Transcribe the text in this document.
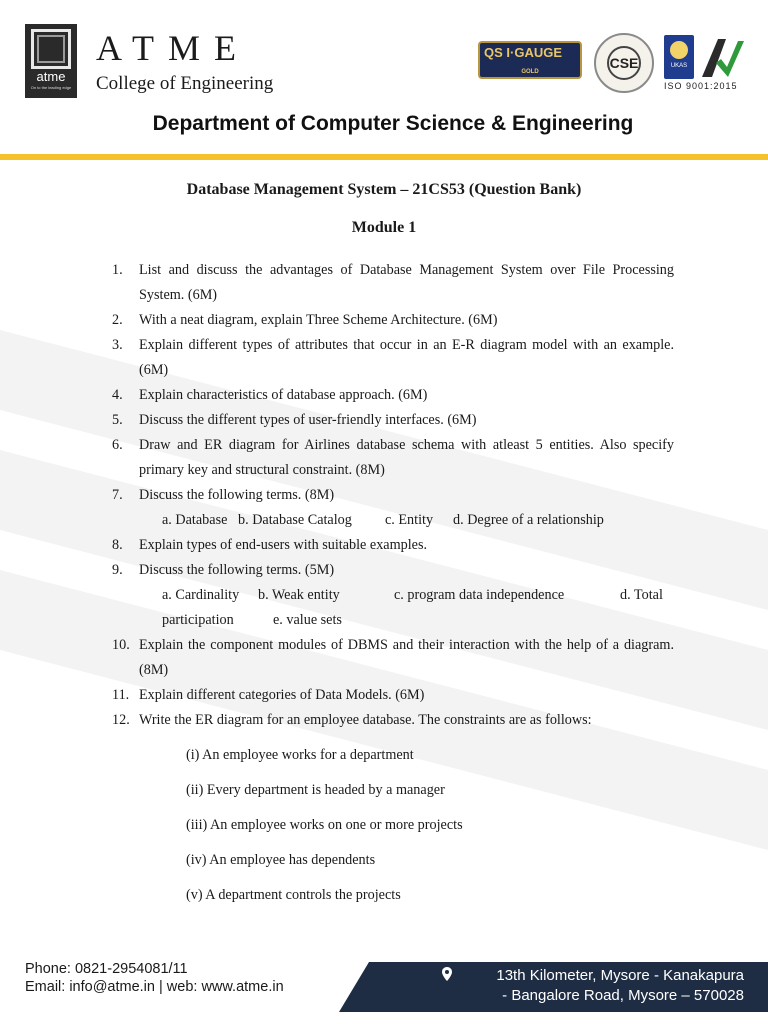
atme
On to the leading edge
ATME
College of Engineering
QS I·GAUGE
GOLD
CSE	UKAS
ISO 9001:2015
Department of Computer Science & Engineering
Database Management System – 21CS53 (Question Bank)
Module 1
1.	List and discuss the advantages of Database Management System over File Processing System. (6M)
2.	With a neat diagram, explain Three Scheme Architecture. (6M)
3.	Explain different types of attributes that occur in an E-R diagram model with an example. (6M)
4.	Explain characteristics of database approach. (6M)
5.	Discuss the different types of user-friendly interfaces. (6M)
6.	Draw and ER diagram for Airlines database schema with atleast 5 entities. Also specify primary key and structural constraint. (8M)
7.	Discuss the following terms. (8M)
a. Database b. Database Catalog	c. Entity	d. Degree of a relationship
8.	Explain types of end-users with suitable examples.
9.	Discuss the following terms. (5M)
a. Cardinality	b. Weak entity	c. program data independence	d. Total
participation	e. value sets
10. Explain the component modules of DBMS and their interaction with the help of a diagram. (8M)
11. Explain different categories of Data Models. (6M)
12. Write the ER diagram for an employee database. The constraints are as follows:
(i) An employee works for a department
(ii) Every department is headed by a manager
(iii) An employee works on one or more projects
(iv) An employee has dependents
(v) A department controls the projects
Phone: 0821-2954081/11
Email: info@atme.in | web: www.atme.in
13th Kilometer, Mysore - Kanakapura
- Bangalore Road, Mysore – 570028
